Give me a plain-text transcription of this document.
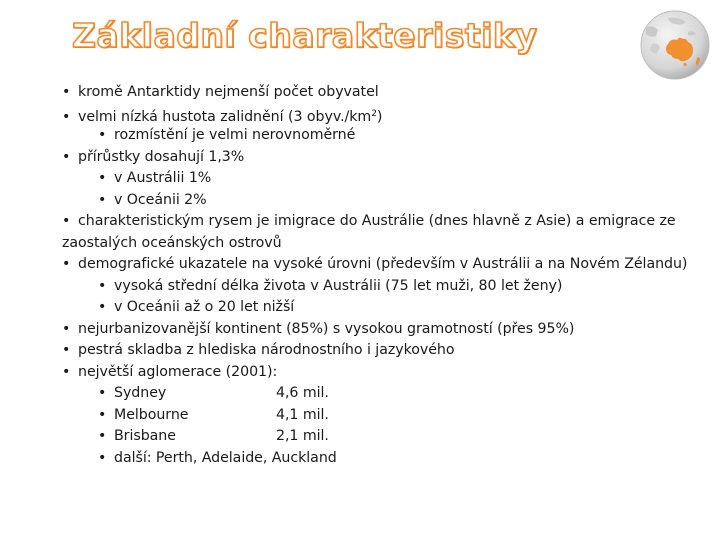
Základní charakteristiky
• kromě Antarktidy nejmenší počet obyvatel
• velmi nízká hustota zalidnění (3 $obyv./km^2$)
• rozmístění je velmi nerovnoměrné
• přírůstky dosahují 1,3%
• v Austrálii 1%
• v Oceánii 2%
• charakteristickým rysem je imigrace do Austrálie (dnes hlavně z Asie) a emigrace ze
zaostalých oceánských ostrovů
• demografické ukazatele na vysoké úrovni (především v Austrálii a na Novém Zélandu)
• vysoká střední délka života v Austrálii (75 let muži, 80 let ženy)
• v Oceánii až o 20 let nižší
• nejurbanizovanější kontinent (85%) s vysokou gramotností (přes 95%)
• pestrá skladba z hlediska národnostního i jazykového
• největší aglomerace (2001):
• Sydney	4,6 mil.
• Melbourne	4,1 mil.
• Brisbane	2,1 mil.
• další: Perth, Adelaide, Auckland
